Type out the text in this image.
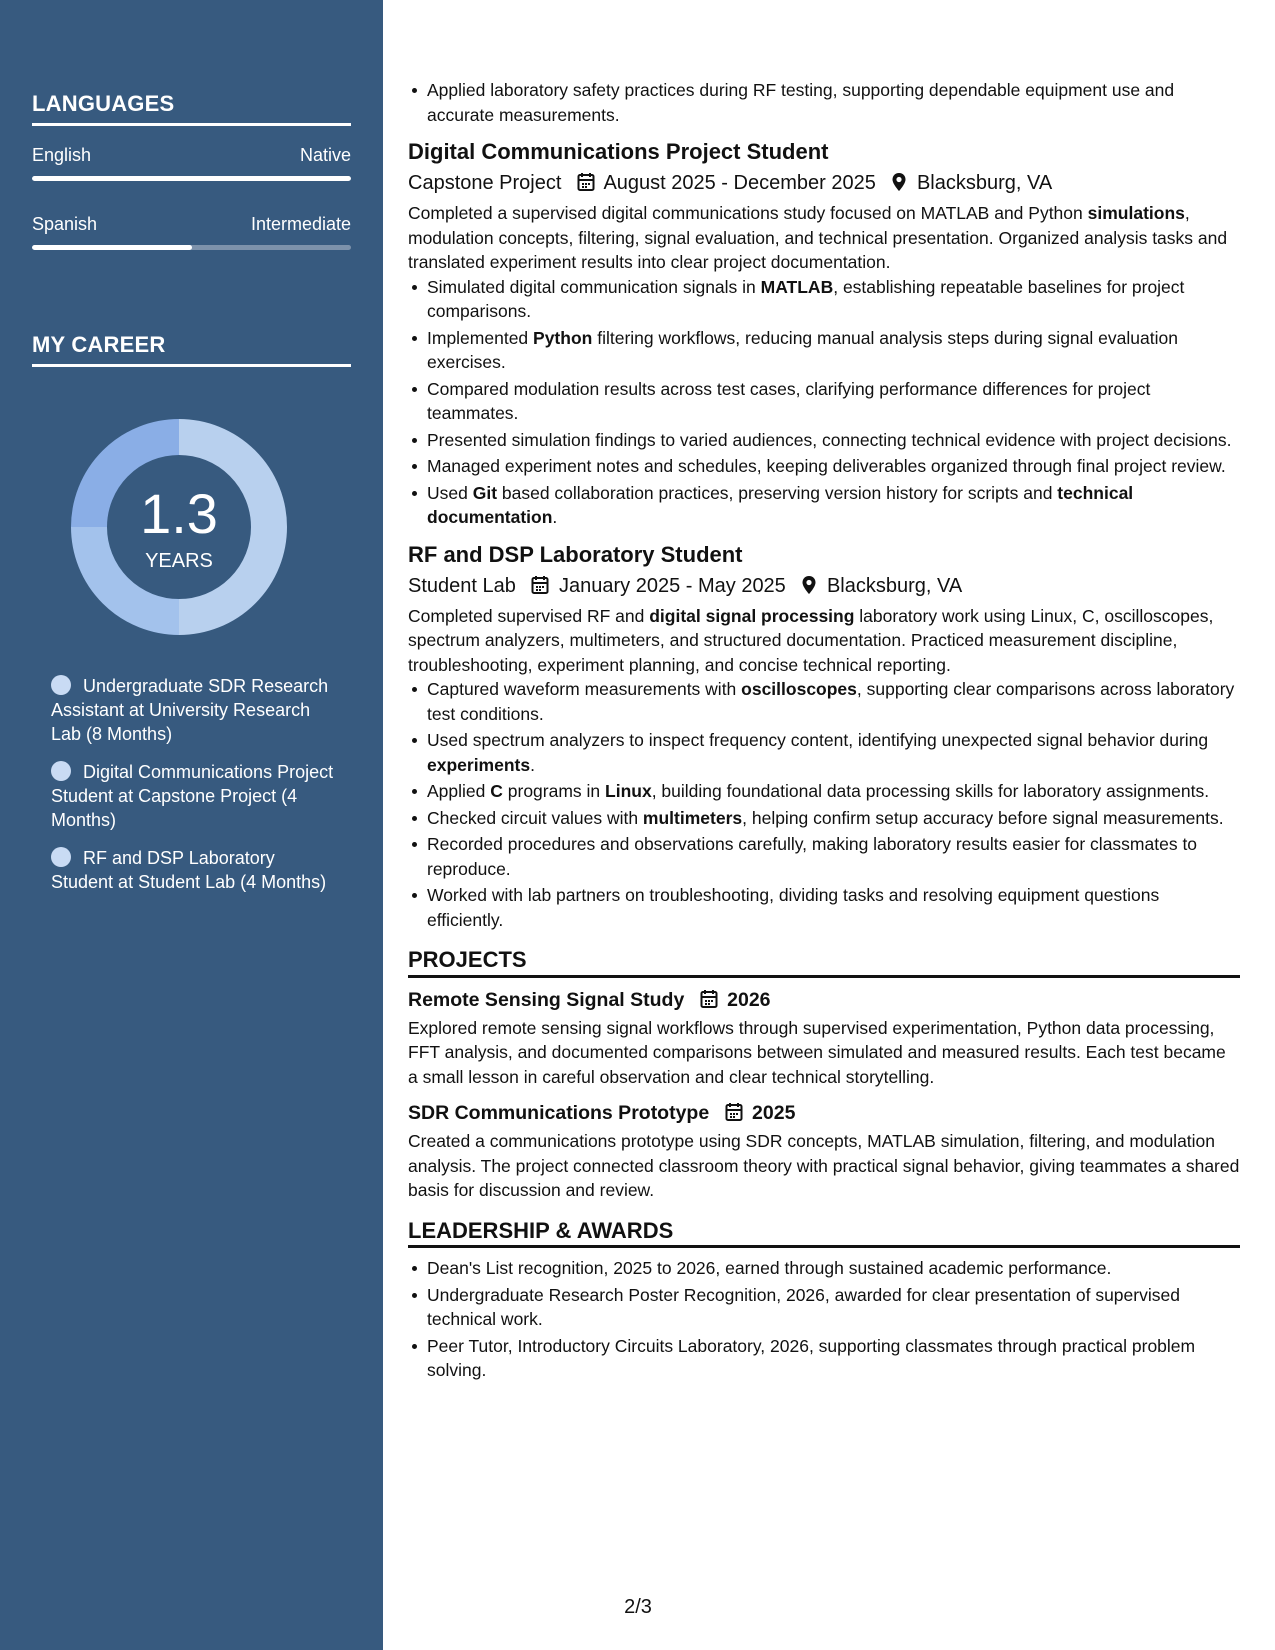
LANGUAGES
English	Native
Spanish	Intermediate
MY CAREER
1.3
YEARS
Undergraduate SDR Research Assistant at University Research Lab (8 Months)
Digital Communications Project Student at Capstone Project (4 Months)
RF and DSP Laboratory Student at Student Lab (4 Months)
Applied laboratory safety practices during RF testing, supporting dependable equipment use and accurate measurements.
Digital Communications Project Student
Capstone Project August 2025 - December 2025 Blacksburg, VA

Completed a supervised digital communications study focused on MATLAB and Python simulations, modulation concepts, filtering, signal evaluation, and technical presentation. Organized analysis tasks and translated experiment results into clear project documentation.

Simulated digital communication signals in MATLAB, establishing repeatable baselines for project comparisons.
Implemented Python filtering workflows, reducing manual analysis steps during signal evaluation exercises.
Compared modulation results across test cases, clarifying performance differences for project teammates.
Presented simulation findings to varied audiences, connecting technical evidence with project decisions.
Managed experiment notes and schedules, keeping deliverables organized through final project review.
Used Git based collaboration practices, preserving version history for scripts and technical documentation.
RF and DSP Laboratory Student
Student Lab January 2025 - May 2025 Blacksburg, VA

Completed supervised RF and digital signal processing laboratory work using Linux, C, oscilloscopes, spectrum analyzers, multimeters, and structured documentation. Practiced measurement discipline, troubleshooting, experiment planning, and concise technical reporting.

Captured waveform measurements with oscilloscopes, supporting clear comparisons across laboratory test conditions.
Used spectrum analyzers to inspect frequency content, identifying unexpected signal behavior during experiments.
Applied C programs in Linux, building foundational data processing skills for laboratory assignments.
Checked circuit values with multimeters, helping confirm setup accuracy before signal measurements.
Recorded procedures and observations carefully, making laboratory results easier for classmates to reproduce.
Worked with lab partners on troubleshooting, dividing tasks and resolving equipment questions efficiently.
PROJECTS
Remote Sensing Signal Study 2026

Explored remote sensing signal workflows through supervised experimentation, Python data processing, FFT analysis, and documented comparisons between simulated and measured results. Each test became a small lesson in careful observation and clear technical storytelling.

SDR Communications Prototype 2025

Created a communications prototype using SDR concepts, MATLAB simulation, filtering, and modulation analysis. The project connected classroom theory with practical signal behavior, giving teammates a shared basis for discussion and review.

LEADERSHIP & AWARDS
Dean's List recognition, 2025 to 2026, earned through sustained academic performance.
Undergraduate Research Poster Recognition, 2026, awarded for clear presentation of supervised technical work.
Peer Tutor, Introductory Circuits Laboratory, 2026, supporting classmates through practical problem solving.
2/3
